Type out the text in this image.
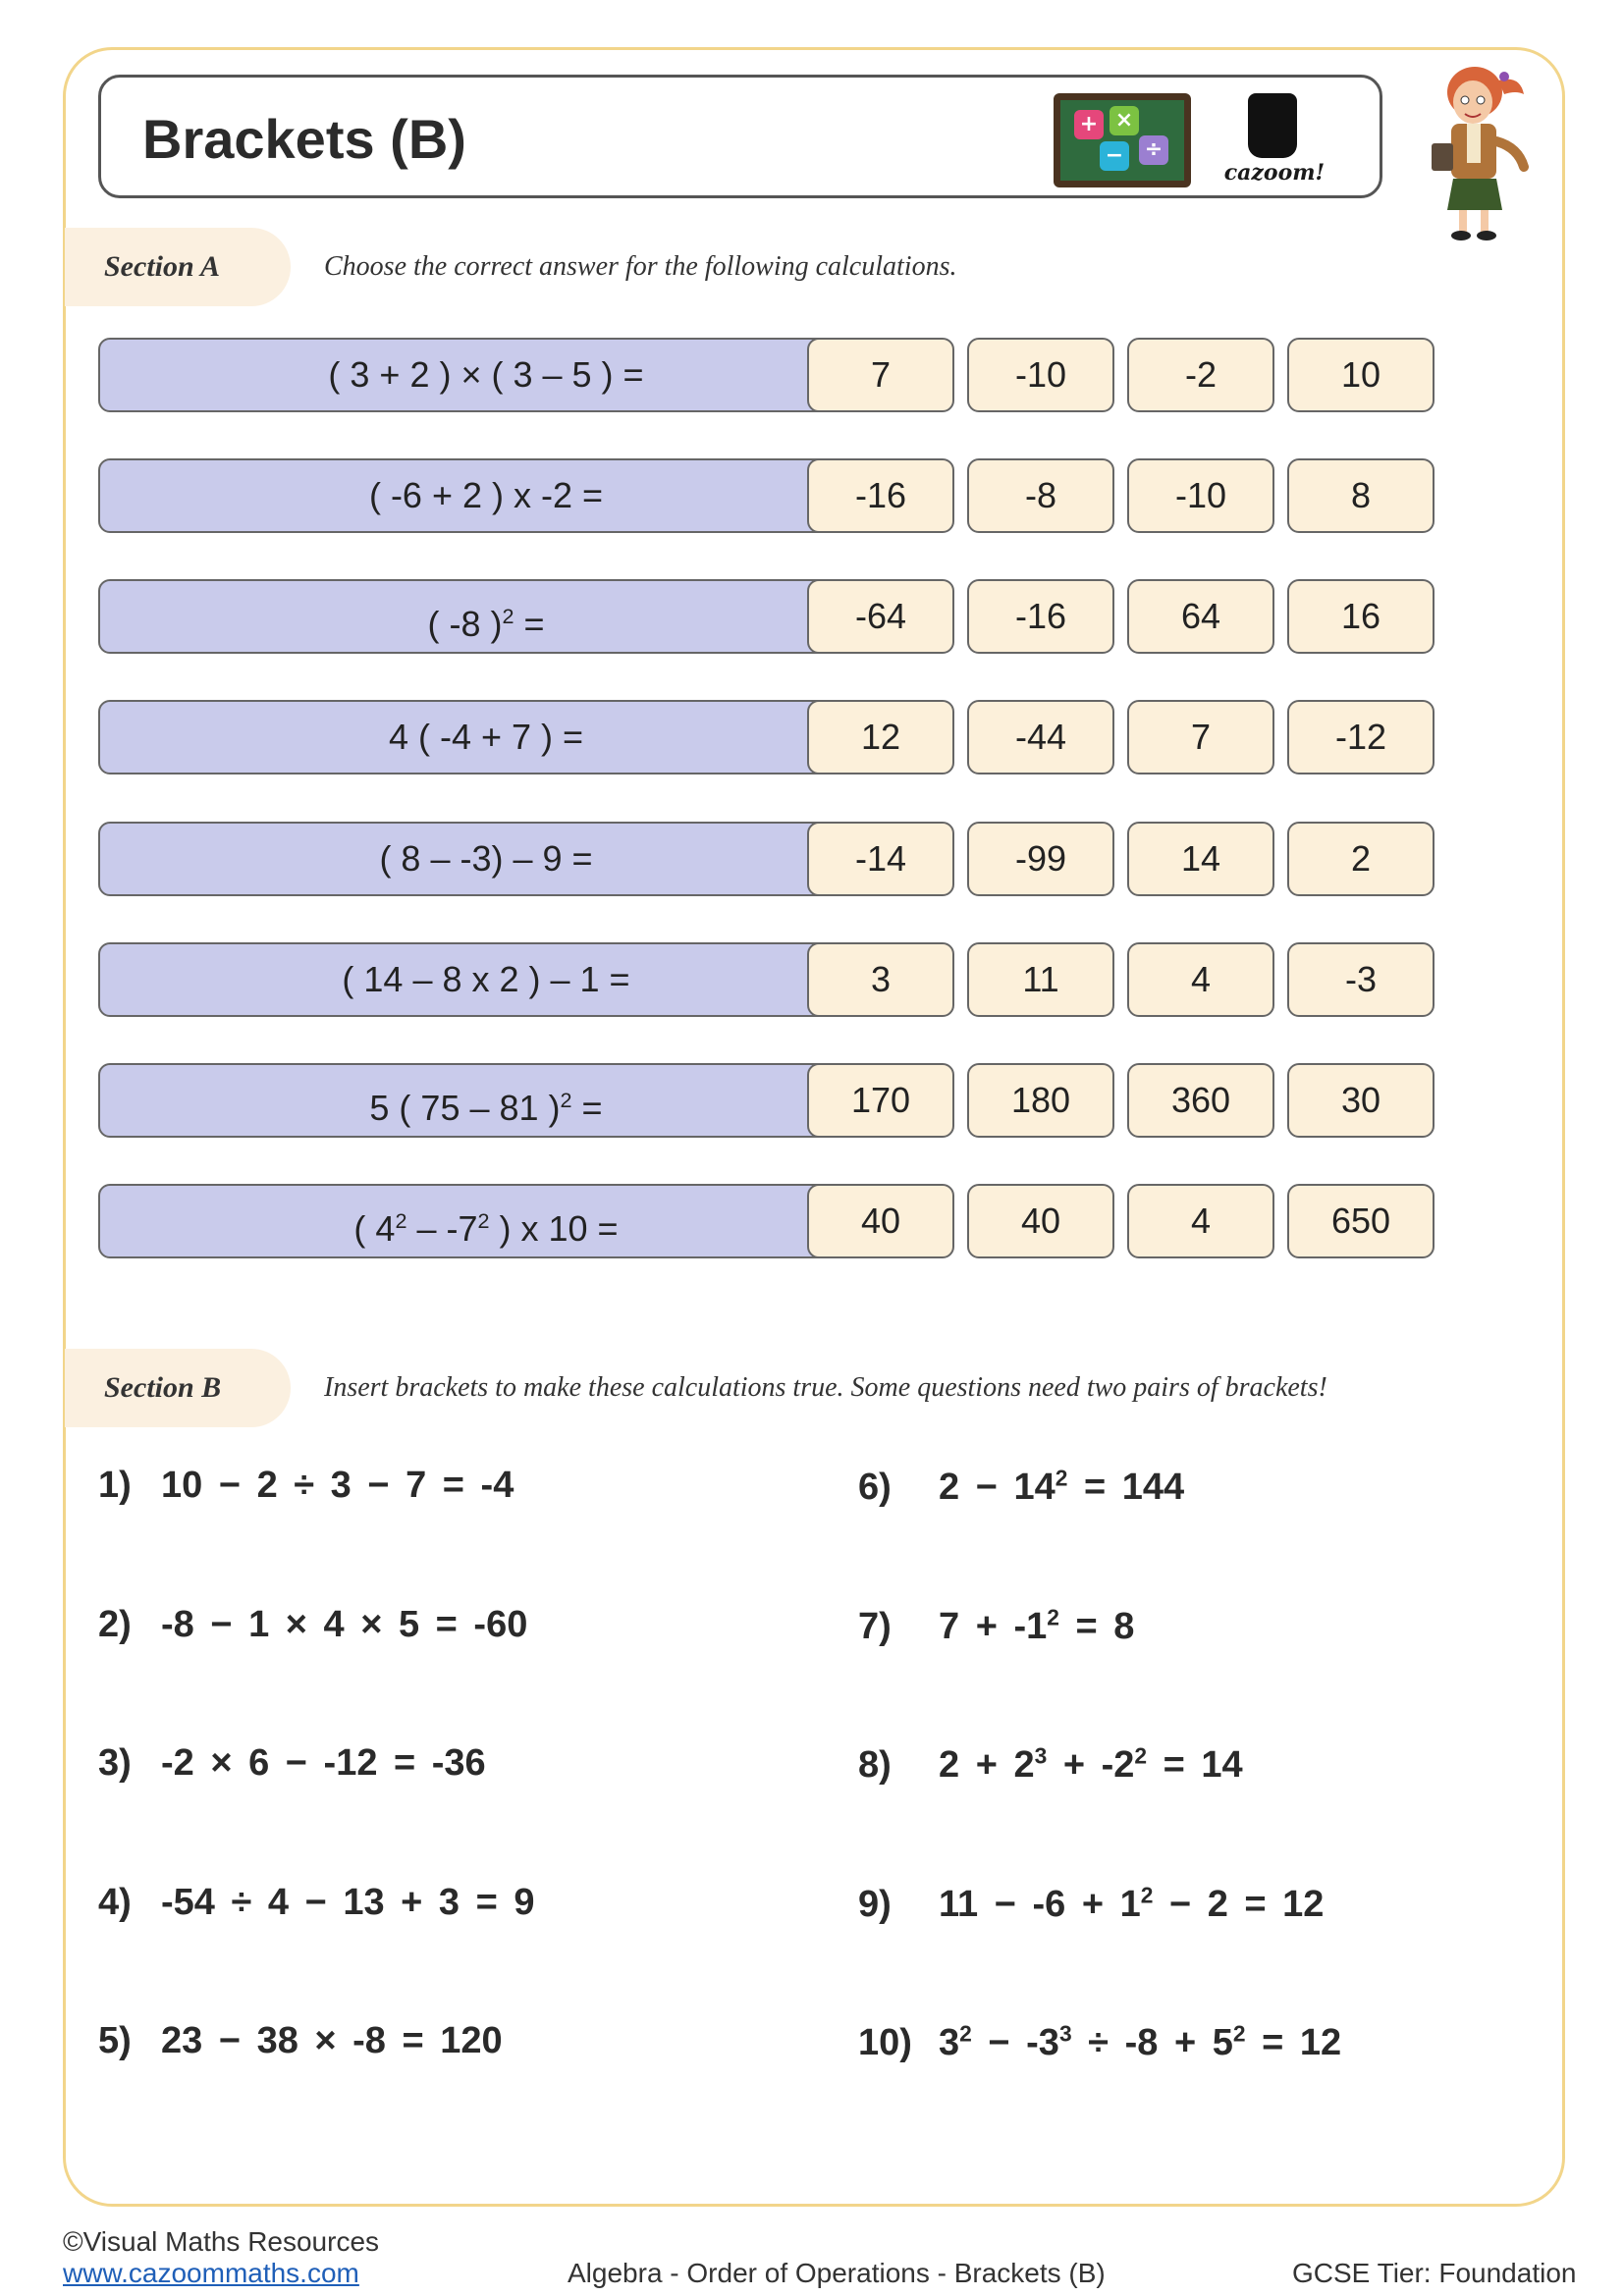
Brackets (B)	+ ×
− ÷
cazoom!
Section A	Choose the correct answer for the following calculations.
( 3 + 2 ) × ( 3 – 5 ) =	7	-10	-2	10
( -6 + 2 ) x -2 =	-16	-8	-10	8
( -8 )$^2$ =	-64	-16	64	16
4 ( -4 + 7 ) =	12	-44	7	-12
( 8 – -3) – 9 =	-14	-99	14	2
( 14 – 8 x 2 ) – 1 =	3	11	4	-3
5 ( 75 – 81 )$^2$ =	170	180	360	30
( $4^2 - -7^2$ ) x 10 =	40	40	4	650
Section B	Insert brackets to make these calculations true. Some questions need two pairs of brackets!
1) 10 − 2 ÷ 3 − 7 = -4
2) -8 − 1 × 4 × 5 = -60
3) -2 × 6 − -12 = -36
4) -54 ÷ 4 − 13 + 3 = 9
5) 23 − 38 × -8 = 120
6) $2 - 14^2 = 144$
7) $7 + -1^2 = 8$
8) $2 + 2^3 + -2^2 = 14$
9) $11 - -6 + 1^2 - 2 = 12$
10) $3^2 - -3^3 \div -8 + 5^2 = 12$
©Visual Maths Resources
www.cazoommaths.com	Algebra - Order of Operations - Brackets (B)	GCSE Tier: Foundation
